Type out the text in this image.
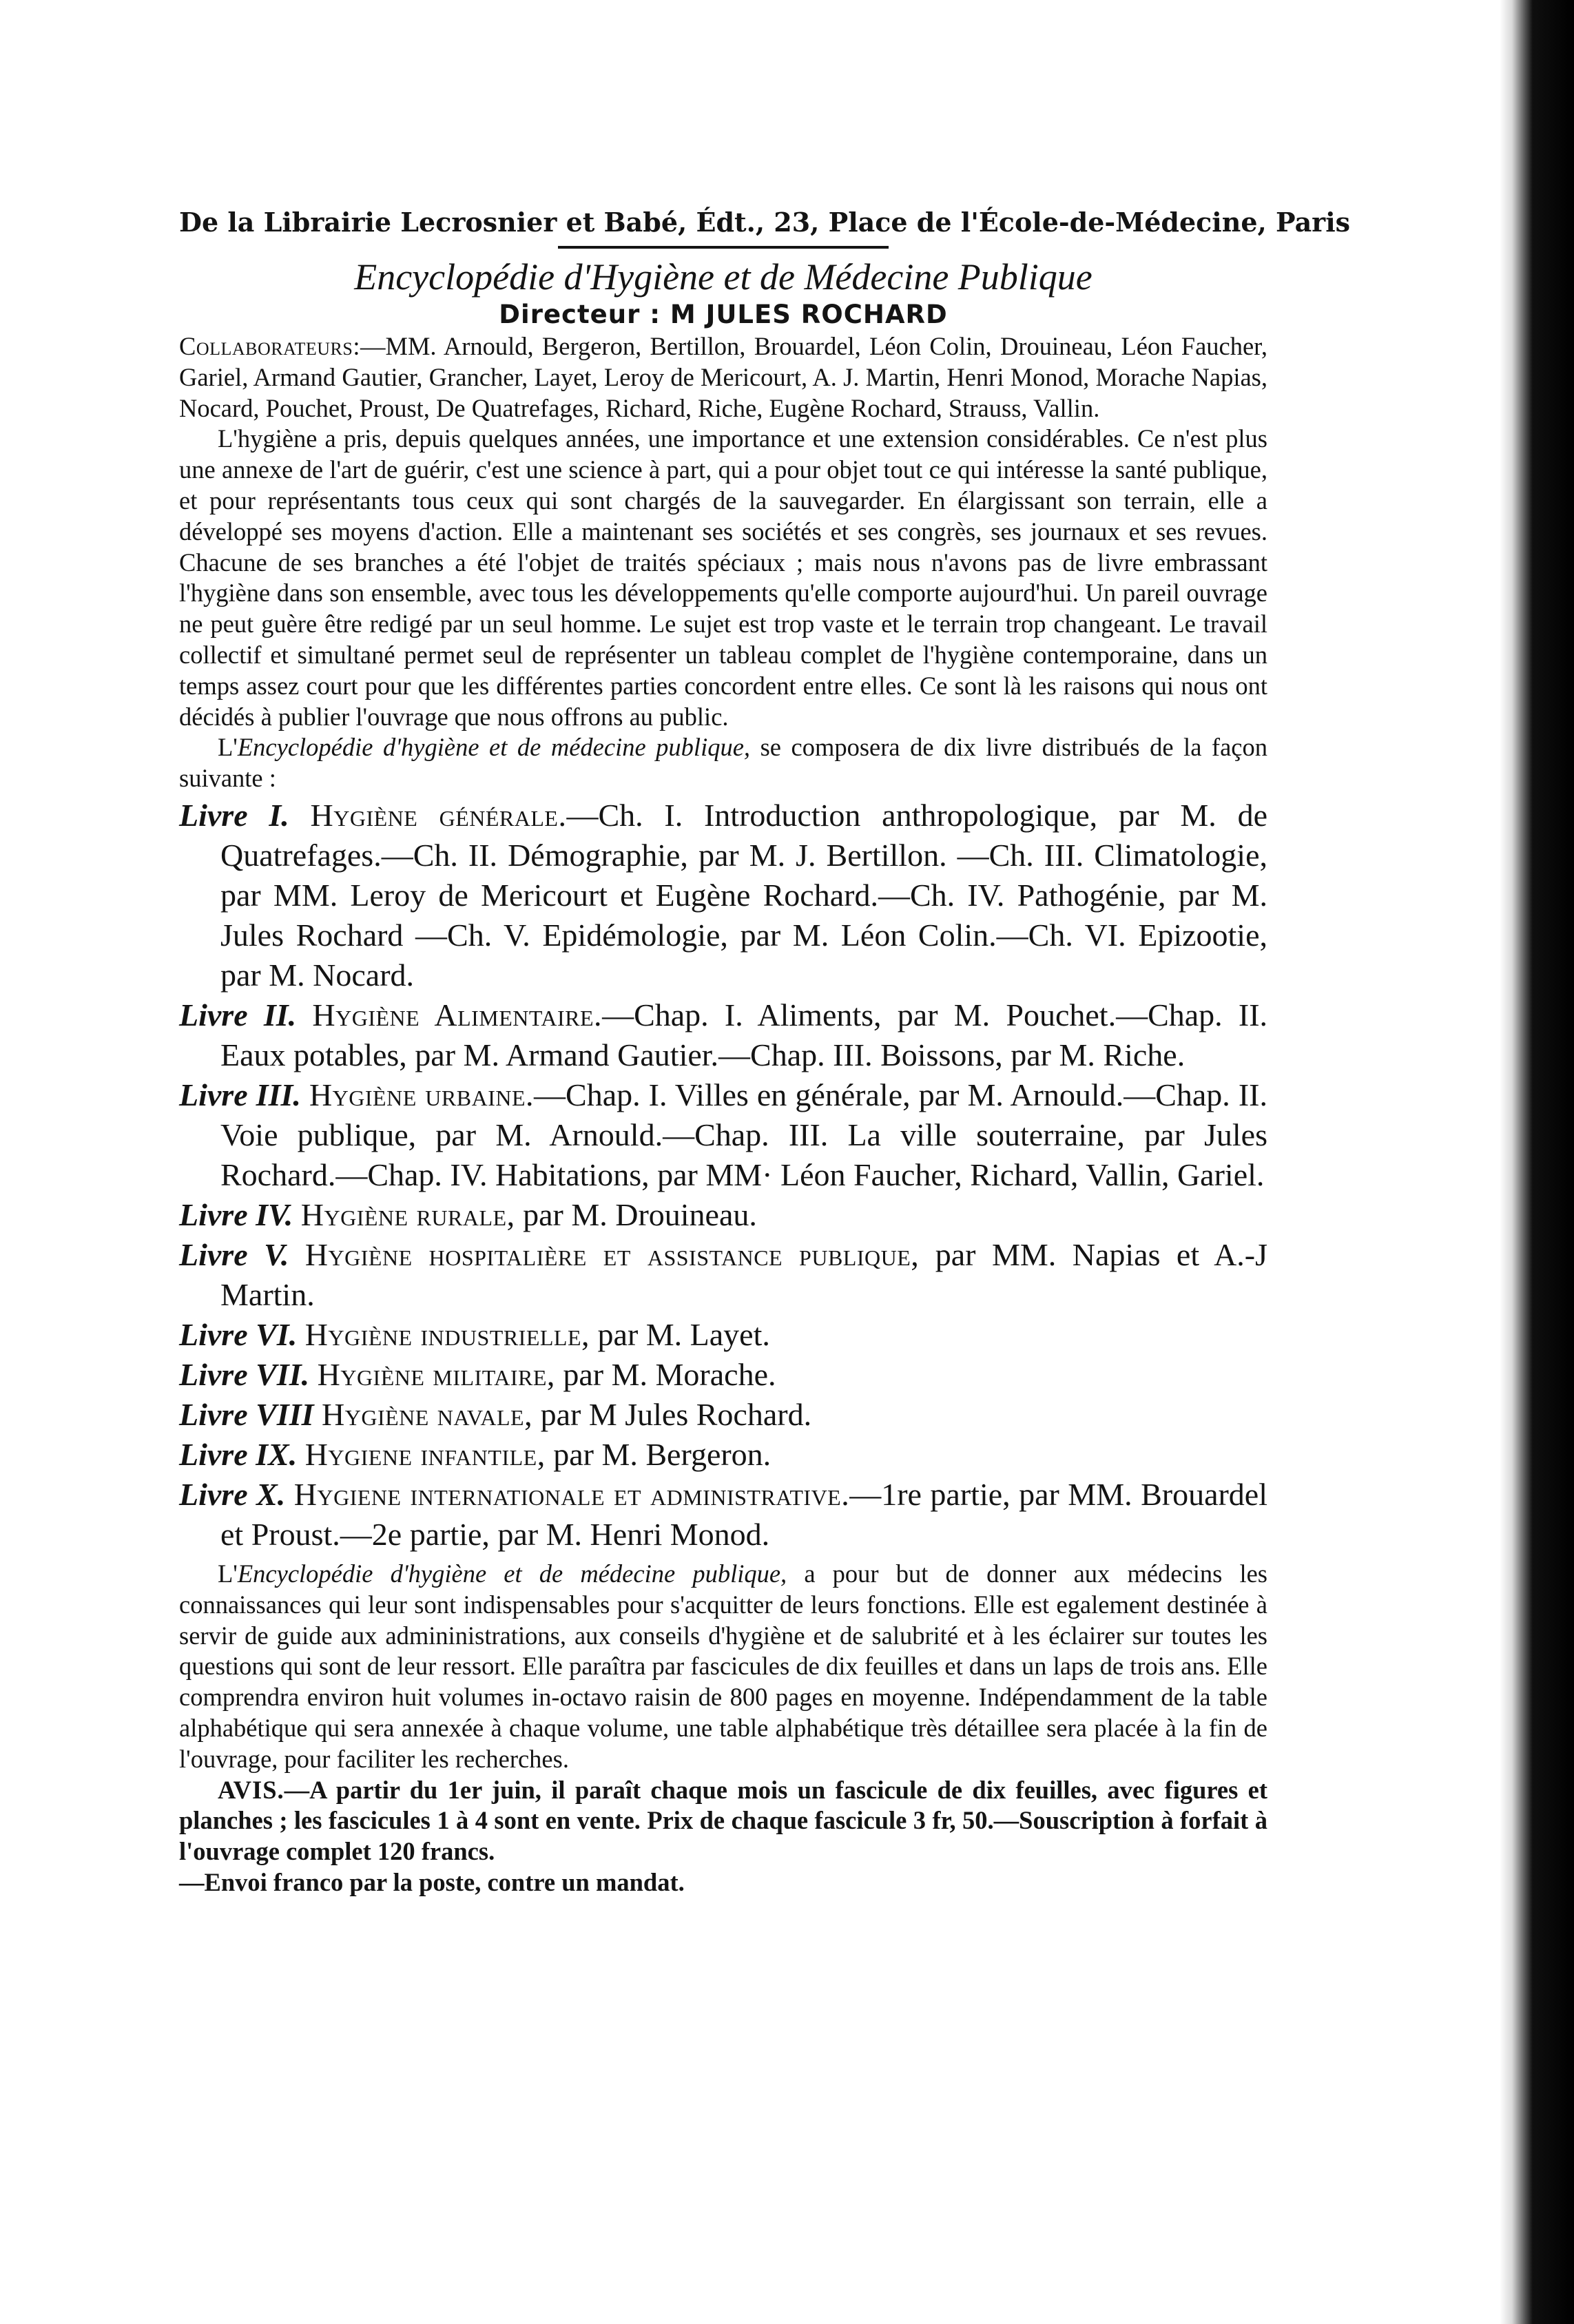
De la Librairie Lecrosnier et Babé, Édt., 23, Place de l'École-de-Médecine, Paris
Encyclopédie d'Hygiène et de Médecine Publique
Directeur : M JULES ROCHARD

Collaborateurs:—MM. Arnould, Bergeron, Bertillon, Brouardel, Léon Colin, Drouineau, Léon Faucher, Gariel, Armand Gautier, Grancher, Layet, Leroy de Mericourt, A. J. Martin, Henri Monod, Morache Napias, Nocard, Pouchet, Proust, De Quatrefages, Richard, Riche, Eugène Rochard, Strauss, Vallin.

L'hygiène a pris, depuis quelques années, une importance et une extension considérables. Ce n'est plus une annexe de l'art de guérir, c'est une science à part, qui a pour objet tout ce qui intéresse la santé publique, et pour représentants tous ceux qui sont chargés de la sauvegarder. En élargissant son terrain, elle a développé ses moyens d'action. Elle a maintenant ses sociétés et ses congrès, ses journaux et ses revues. Chacune de ses branches a été l'objet de traités spéciaux ; mais nous n'avons pas de livre embrassant l'hygiène dans son ensemble, avec tous les développements qu'elle comporte aujourd'hui. Un pareil ouvrage ne peut guère être redigé par un seul homme. Le sujet est trop vaste et le terrain trop changeant. Le travail collectif et simultané permet seul de représenter un tableau complet de l'hygiène contemporaine, dans un temps assez court pour que les différentes parties concordent entre elles. Ce sont là les raisons qui nous ont décidés à publier l'ouvrage que nous offrons au public.

L'Encyclopédie d'hygiène et de médecine publique, se composera de dix livre distribués de la façon suivante :

Livre I. Hygiène générale.—Ch. I. Introduction anthropologique, par M. de Quatrefages.—Ch. II. Démographie, par M. J. Bertillon. —Ch. III. Climatologie, par MM. Leroy de Mericourt et Eugène Rochard.—Ch. IV. Pathogénie, par M. Jules Rochard —Ch. V. Epidémologie, par M. Léon Colin.—Ch. VI. Epizootie, par M. Nocard.
Livre II. Hygiène Alimentaire.—Chap. I. Aliments, par M. Pouchet.—Chap. II. Eaux potables, par M. Armand Gautier.—Chap. III. Boissons, par M. Riche.
Livre III. Hygiène urbaine.—Chap. I. Villes en générale, par M. Arnould.—Chap. II. Voie publique, par M. Arnould.—Chap. III. La ville souterraine, par Jules Rochard.—Chap. IV. Habitations, par MM· Léon Faucher, Richard, Vallin, Gariel.
Livre IV. Hygiène rurale, par M. Drouineau.
Livre V. Hygiène hospitalière et assistance publique, par MM. Napias et A.-J Martin.
Livre VI. Hygiène industrielle, par M. Layet.
Livre VII. Hygiène militaire, par M. Morache.
Livre VIII Hygiène navale, par M Jules Rochard.
Livre IX. Hygiene infantile, par M. Bergeron.
Livre X. Hygiene internationale et administrative.—1re partie, par MM. Brouardel et Proust.—2e partie, par M. Henri Monod.

L'Encyclopédie d'hygiène et de médecine publique, a pour but de donner aux médecins les connaissances qui leur sont indispensables pour s'acquitter de leurs fonctions. Elle est egalement destinée à servir de guide aux admininistrations, aux conseils d'hygiène et de salubrité et à les éclairer sur toutes les questions qui sont de leur ressort. Elle paraîtra par fascicules de dix feuilles et dans un laps de trois ans. Elle comprendra environ huit volumes in-octavo raisin de 800 pages en moyenne. Indépendamment de la table alphabétique qui sera annexée à chaque volume, une table alphabétique très détaillee sera placée à la fin de l'ouvrage, pour faciliter les recherches.

AVIS.—A partir du 1er juin, il paraît chaque mois un fascicule de dix feuilles, avec figures et planches ; les fascicules 1 à 4 sont en vente. Prix de chaque fascicule 3 fr, 50.—Souscription à forfait à l'ouvrage complet 120 francs.

—Envoi franco par la poste, contre un mandat.
